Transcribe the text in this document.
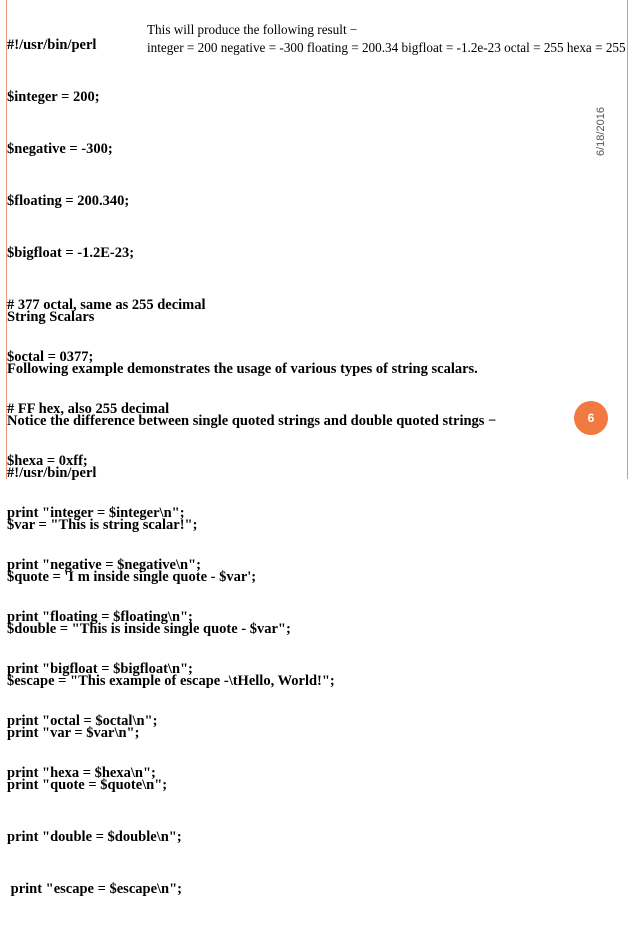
#!/usr/bin/perl

$integer = 200;

$negative = -300;

$floating = 200.340;

$bigfloat = -1.2E-23;

# 377 octal, same as 255 decimal

$octal = 0377;

# FF hex, also 255 decimal

$hexa = 0xff;

print "integer = $integer\n";

print "negative = $negative\n";

print "floating = $floating\n";

print "bigfloat = $bigfloat\n";

print "octal = $octal\n";

print "hexa = $hexa\n";

This will produce the following result −
integer = 200 negative = -300 floating = 200.34 bigfloat = -1.2e-23 octal = 255 hexa = 255

String Scalars

Following example demonstrates the usage of various types of string scalars.

Notice the difference between single quoted strings and double quoted strings −

#!/usr/bin/perl

$var = "This is string scalar!";

$quote = 'I m inside single quote - $var';

$double = "This is inside single quote - $var";

$escape = "This example of escape -\tHello, World!";

print "var = $var\n";

print "quote = $quote\n";

print "double = $double\n";

print "escape = $escape\n";

6/18/2016
6
